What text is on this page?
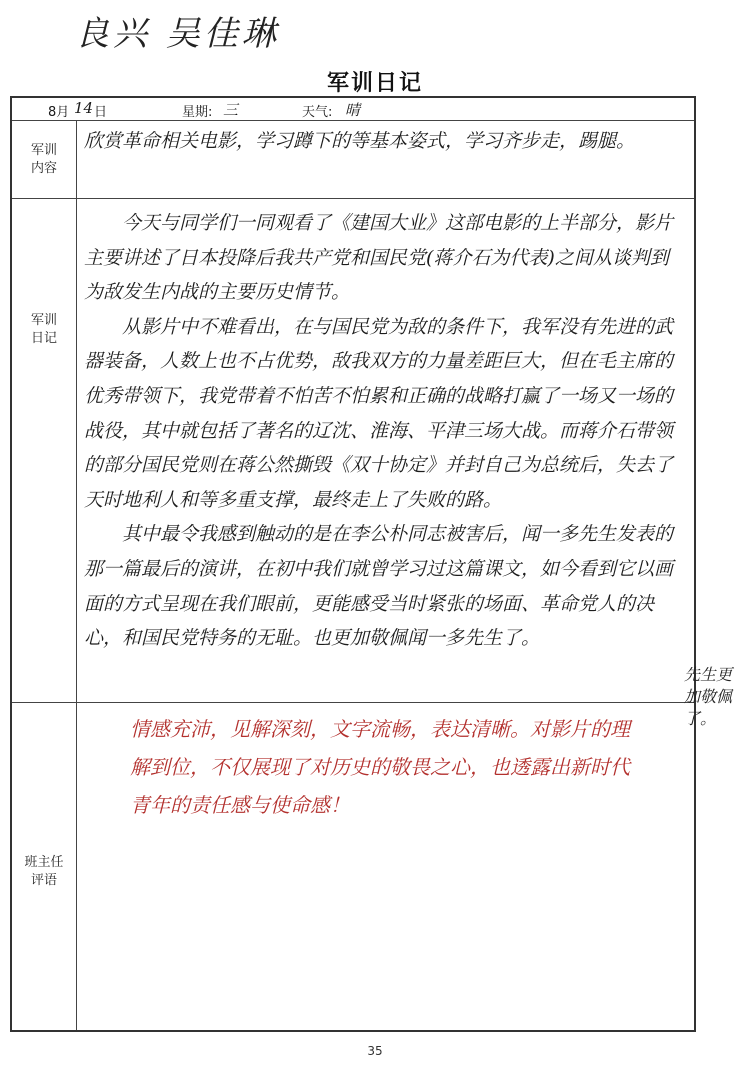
良兴 吴佳琳
军训日记
8月 14 日	星期: 三	天气: 晴
军训
内容
军训
日记
班主任
评语
欣赏革命相关电影，学习蹲下的等基本姿式，学习齐步走，踢腿。

今天与同学们一同观看了《建国大业》这部电影的上半部分，影片主要讲述了日本投降后我共产党和国民党(蒋介石为代表)之间从谈判到为敌发生内战的主要历史情节。

从影片中不难看出，在与国民党为敌的条件下，我军没有先进的武器装备，人数上也不占优势，敌我双方的力量差距巨大，但在毛主席的优秀带领下，我党带着不怕苦不怕累和正确的战略打赢了一场又一场的战役，其中就包括了著名的辽沈、淮海、平津三场大战。而蒋介石带领的部分国民党则在蒋公然撕毁《双十协定》并封自己为总统后，失去了天时地利人和等多重支撑，最终走上了失败的路。

其中最令我感到触动的是在李公朴同志被害后，闻一多先生发表的那一篇最后的演讲，在初中我们就曾学习过这篇课文，如今看到它以画面的方式呈现在我们眼前，更能感受当时紧张的场面、革命党人的决心，和国民党特务的无耻。也更加敬佩闻一多先生了。

情感充沛，见解深刻，文字流畅，表达清晰。对影片的理解到位，不仅展现了对历史的敬畏之心，也透露出新时代青年的责任感与使命感！
先生更加敬佩了。
35
